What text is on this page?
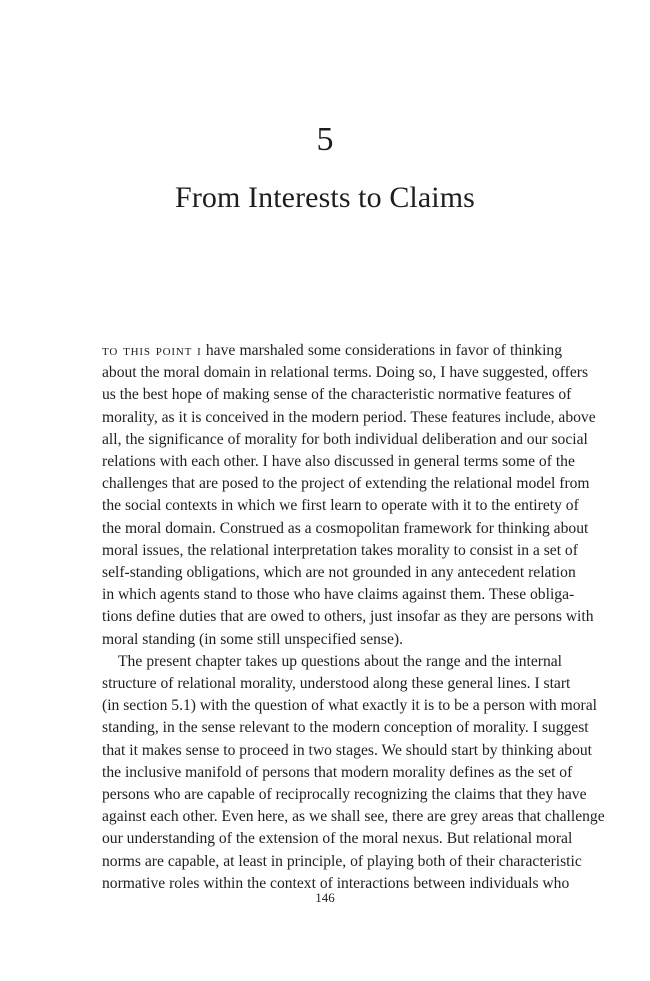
5
From Interests to Claims
to this point i have marshaled some considerations in favor of thinking
about the moral domain in relational terms. Doing so, I have suggested, offers
us the best hope of making sense of the characteristic normative features of
morality, as it is conceived in the modern period. These features include, above
all, the significance of morality for both individual deliberation and our social
relations with each other. I have also discussed in general terms some of the
challenges that are posed to the project of extending the relational model from
the social contexts in which we first learn to operate with it to the entirety of
the moral domain. Construed as a cosmopolitan framework for thinking about
moral issues, the relational interpretation takes morality to consist in a set of
self-standing obligations, which are not grounded in any antecedent relation
in which agents stand to those who have claims against them. These obliga-
tions define duties that are owed to others, just insofar as they are persons with
moral standing (in some still unspecified sense).
The present chapter takes up questions about the range and the internal
structure of relational morality, understood along these general lines. I start
(in section 5.1) with the question of what exactly it is to be a person with moral
standing, in the sense relevant to the modern conception of morality. I suggest
that it makes sense to proceed in two stages. We should start by thinking about
the inclusive manifold of persons that modern morality defines as the set of
persons who are capable of reciprocally recognizing the claims that they have
against each other. Even here, as we shall see, there are grey areas that challenge
our understanding of the extension of the moral nexus. But relational moral
norms are capable, at least in principle, of playing both of their characteristic
normative roles within the context of interactions between individuals who
146
